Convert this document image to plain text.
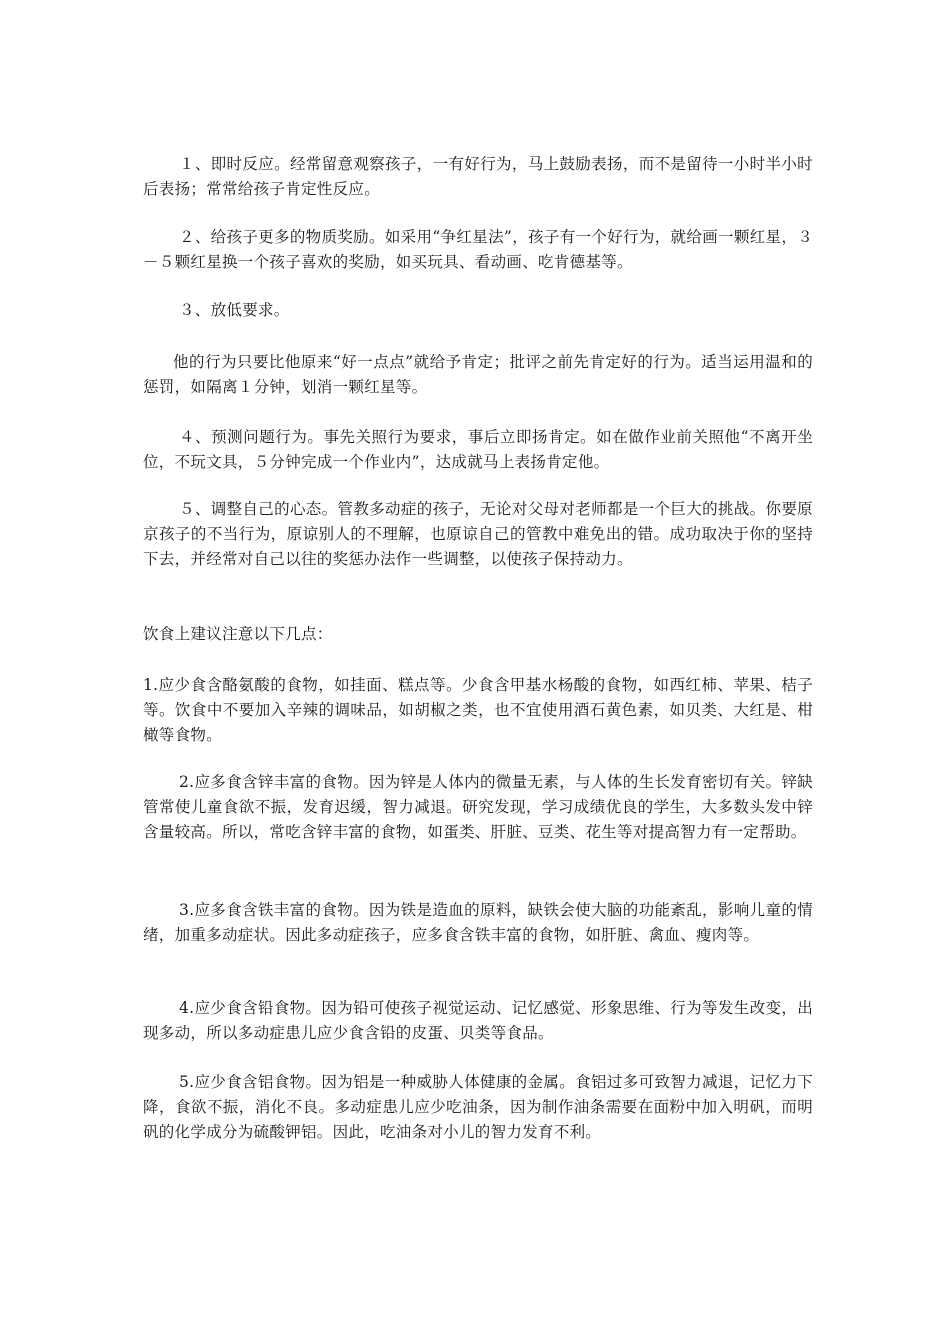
１、即时反应。经常留意观察孩子，一有好行为，马上鼓励表扬，而不是留待一小时半小时后表扬；常常给孩子肯定性反应。

２、给孩子更多的物质奖励。如采用“争红星法”，孩子有一个好行为，就给画一颗红星，３－５颗红星换一个孩子喜欢的奖励，如买玩具、看动画、吃肯德基等。

３、放低要求。

他的行为只要比他原来“好一点点”就给予肯定；批评之前先肯定好的行为。适当运用温和的惩罚，如隔离１分钟，划消一颗红星等。

４、预测问题行为。事先关照行为要求，事后立即扬肯定。如在做作业前关照他“不离开坐位，不玩文具，５分钟完成一个作业内”，达成就马上表扬肯定他。

５、调整自己的心态。管教多动症的孩子，无论对父母对老师都是一个巨大的挑战。你要原京孩子的不当行为，原谅别人的不理解，也原谅自己的管教中难免出的错。成功取决于你的坚持下去，并经常对自己以往的奖惩办法作一些调整，以使孩子保持动力。

饮食上建议注意以下几点：

1.应少食含酪氨酸的食物，如挂面、糕点等。少食含甲基水杨酸的食物，如西红柿、苹果、桔子等。饮食中不要加入辛辣的调味品，如胡椒之类，也不宜使用酒石黄色素，如贝类、大红是、柑橄等食物。

2.应多食含锌丰富的食物。因为锌是人体内的微量无素，与人体的生长发育密切有关。锌缺管常使儿童食欲不振，发育迟缓，智力减退。研究发现，学习成绩优良的学生，大多数头发中锌含量较高。所以，常吃含锌丰富的食物，如蛋类、肝脏、豆类、花生等对提高智力有一定帮助。

3.应多食含铁丰富的食物。因为铁是造血的原料，缺铁会使大脑的功能紊乱，影响儿童的情绪，加重多动症状。因此多动症孩子，应多食含铁丰富的食物，如肝脏、禽血、瘦肉等。

4.应少食含铅食物。因为铅可使孩子视觉运动、记忆感觉、形象思维、行为等发生改变，出现多动，所以多动症患儿应少食含铅的皮蛋、贝类等食品。

5.应少食含铝食物。因为铝是一种威胁人体健康的金属。食铝过多可致智力减退，记忆力下降，食欲不振，消化不良。多动症患儿应少吃油条，因为制作油条需要在面粉中加入明矾，而明矾的化学成分为硫酸钾铝。因此，吃油条对小儿的智力发育不利。
